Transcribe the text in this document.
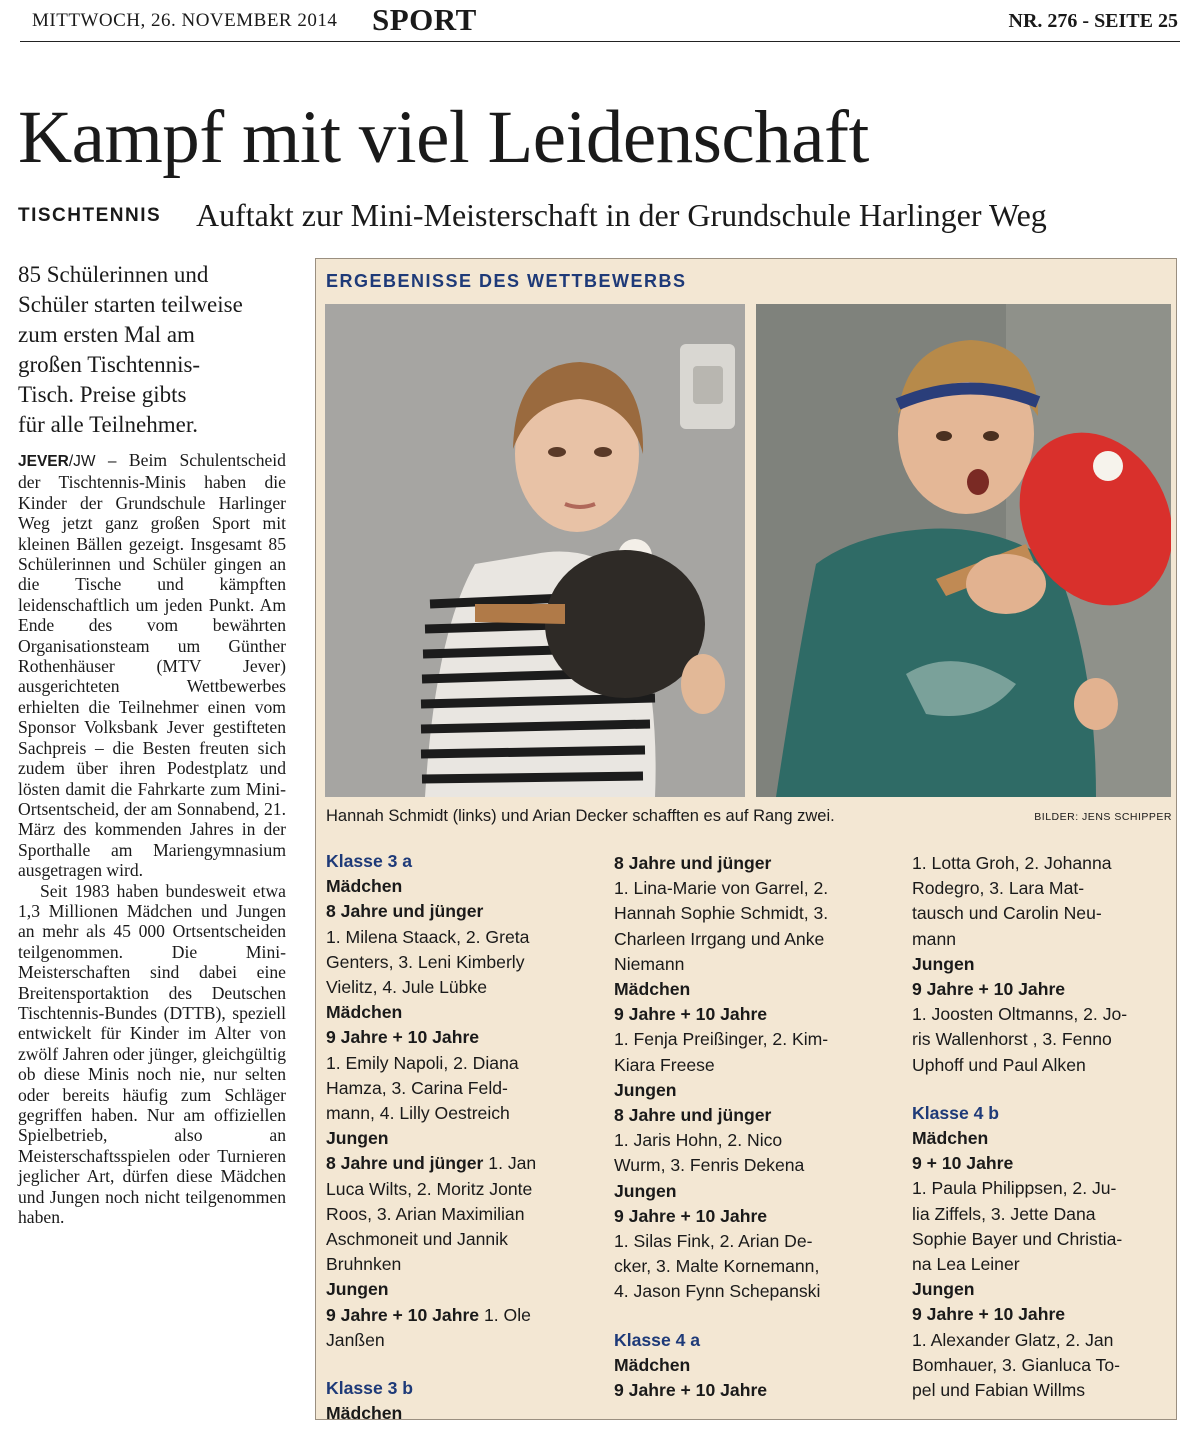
MITTWOCH, 26. NOVEMBER 2014 SPORT	NR. 276 - SEITE 25
Kampf mit viel Leidenschaft
TISCHTENNIS Auftakt zur Mini-Meisterschaft in der Grundschule Harlinger Weg
85 Schülerinnen und
Schüler starten teilweise
zum ersten Mal am
großen Tischtennis-
Tisch. Preise gibts
für alle Teilnehmer.

JEVER/JW – Beim Schulentscheid der Tischtennis-Minis haben die Kinder der Grundschule Harlinger Weg jetzt ganz großen Sport mit kleinen Bällen gezeigt. Insgesamt 85 Schülerinnen und Schüler gingen an die Tische und kämpften leidenschaftlich um jeden Punkt. Am Ende des vom bewährten Organisationsteam um Günther Rothenhäuser (MTV Jever) ausgerichteten Wettbewerbes erhielten die Teilnehmer einen vom Sponsor Volksbank Jever gestifteten Sachpreis – die Besten freuten sich zudem über ihren Podestplatz und lösten damit die Fahrkarte zum Mini-Ortsentscheid, der am Sonnabend, 21. März des kommenden Jahres in der Sporthalle am Mariengymnasium ausgetragen wird.

Seit 1983 haben bundesweit etwa 1,3 Millionen Mädchen und Jungen an mehr als 45 000 Ortsentscheiden teilgenommen. Die Mini-Meisterschaften sind dabei eine Breitensportaktion des Deutschen Tischtennis-Bundes (DTTB), speziell entwickelt für Kinder im Alter von zwölf Jahren oder jünger, gleichgültig ob diese Minis noch nie, nur selten oder bereits häufig zum Schläger gegriffen haben. Nur am offiziellen Spielbetrieb, also an Meisterschaftsspielen oder Turnieren jeglicher Art, dürfen diese Mädchen und Jungen noch nicht teilgenommen haben.

ERGEBENISSE DES WETTBEWERBS
Hannah Schmidt (links) und Arian Decker schafften es auf Rang zwei.	BILDER: JENS SCHIPPER
Klasse 3 a
Mädchen
8 Jahre und jünger
1. Milena Staack, 2. Greta
Genters, 3. Leni Kimberly
Vielitz, 4. Jule Lübke
Mädchen
9 Jahre + 10 Jahre
1. Emily Napoli, 2. Diana
Hamza, 3. Carina Feld-
mann, 4. Lilly Oestreich
Jungen
8 Jahre und jünger 1. Jan
Luca Wilts, 2. Moritz Jonte
Roos, 3. Arian Maximilian
Aschmoneit und Jannik
Bruhnken
Jungen
9 Jahre + 10 Jahre 1. Ole
Janßen
Klasse 3 b
Mädchen
8 Jahre und jünger
1. Lina-Marie von Garrel, 2.
Hannah Sophie Schmidt, 3.
Charleen Irrgang und Anke
Niemann
Mädchen
9 Jahre + 10 Jahre
1. Fenja Preißinger, 2. Kim-
Kiara Freese
Jungen
8 Jahre und jünger
1. Jaris Hohn, 2. Nico
Wurm, 3. Fenris Dekena
Jungen
9 Jahre + 10 Jahre
1. Silas Fink, 2. Arian De-
cker, 3. Malte Kornemann,
4. Jason Fynn Schepanski
Klasse 4 a
Mädchen
9 Jahre + 10 Jahre
1. Lotta Groh, 2. Johanna
Rodegro, 3. Lara Mat-
tausch und Carolin Neu-
mann
Jungen
9 Jahre + 10 Jahre
1. Joosten Oltmanns, 2. Jo-
ris Wallenhorst , 3. Fenno
Uphoff und Paul Alken
Klasse 4 b
Mädchen
9 + 10 Jahre
1. Paula Philippsen, 2. Ju-
lia Ziffels, 3. Jette Dana
Sophie Bayer und Christia-
na Lea Leiner
Jungen
9 Jahre + 10 Jahre
1. Alexander Glatz, 2. Jan
Bomhauer, 3. Gianluca To-
pel und Fabian Willms
